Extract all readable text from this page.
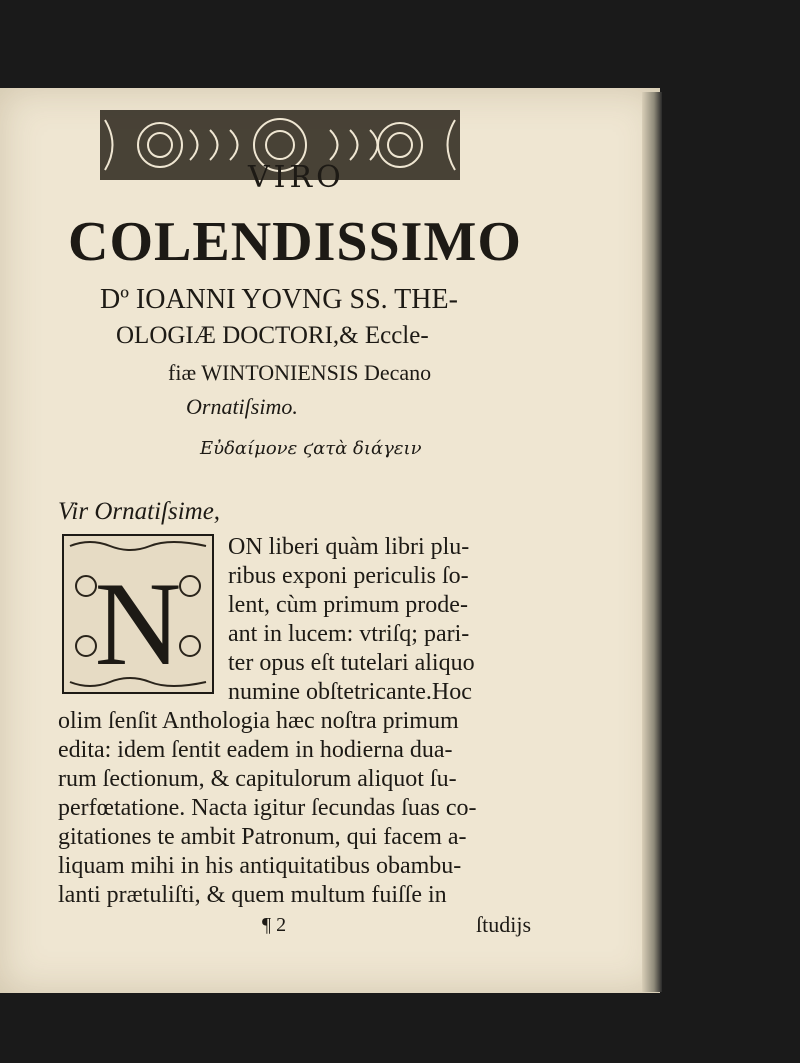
VIRO
COLENDISSIMO
Dº IOANNI YOVNG SS. THE-
OLOGIÆ DOCTORI,& Eccle-
fiæ WINTONIENSIS Decano
Ornatiſsimo.
Εὐδαίμονε ϛατὰ διάγειν
Vir Ornatiſsime,
N
ON liberi quàm libri plu-
ribus exponi periculis ſo-
lent, cùm primum prode-
ant in lucem: vtriſq; pari-
ter opus eſt tutelari aliquo
numine obſtetricante.Hoc
olim ſenſit Anthologia hæc noſtra primum
edita: idem ſentit eadem in hodierna dua-
rum ſectionum, & capitulorum aliquot ſu-
perfœtatione. Nacta igitur ſecundas ſuas co-
gitationes te ambit Patronum, qui facem a-
liquam mihi in his antiquitatibus obambu-
lanti prætuliſti, & quem multum fuiſſe in
¶ 2	ſtudijs
